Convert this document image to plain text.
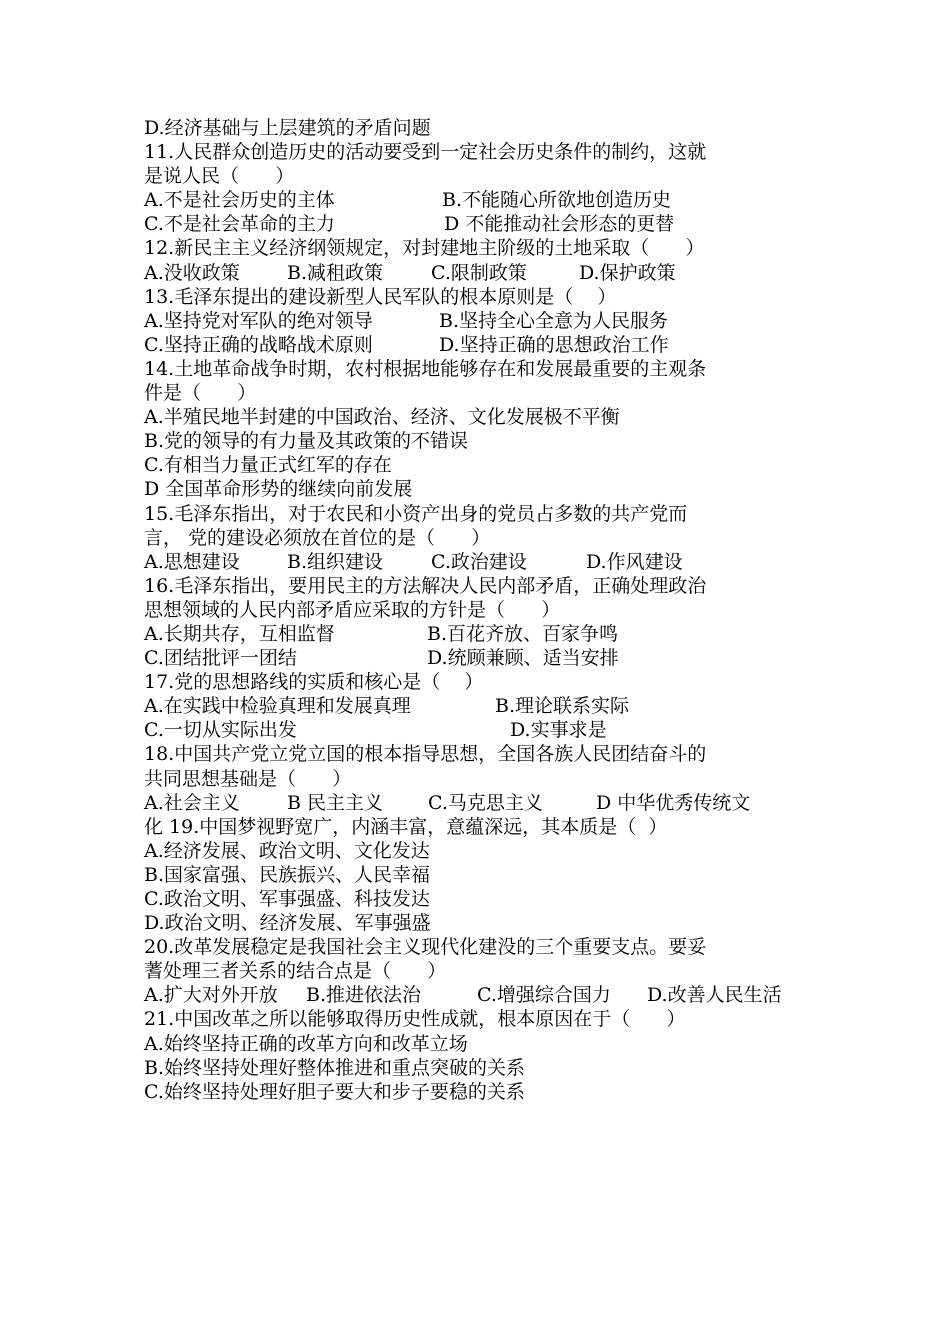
D.经济基础与上层建筑的矛盾问题
11.人民群众创造历史的活动要受到一定社会历史条件的制约，这就
是说人民（      ）
A.不是社会历史的主体	B.不能随心所欲地创造历史
C.不是社会革命的主力	D 不能推动社会形态的更替
12.新民主主义经济纲领规定，对封建地主阶级的土地采取（      ）
A.没收政策 B.减租政策	C.限制政策	D.保护政策
13.毛泽东提出的建设新型人民军队的根本原则是（    ）
A.坚持党对军队的绝对领导	B.坚持全心全意为人民服务
C.坚持正确的战略战术原则	D.坚持正确的思想政治工作
14.土地革命战争时期，农村根据地能够存在和发展最重要的主观条
件是（      ）
A.半殖民地半封建的中国政治、经济、文化发展极不平衡
B.党的领导的有力量及其政策的不错误
C.有相当力量正式红军的存在
D 全国革命形势的继续向前发展
15.毛泽东指出，对于农民和小资产出身的党员占多数的共产党而
言， 党的建设必须放在首位的是（      ）
A.思想建设 B.组织建设	C.政治建设	D.作风建设
16.毛泽东指出，要用民主的方法解决人民内部矛盾，正确处理政治
思想领域的人民内部矛盾应采取的方针是（      ）
A.长期共存，互相监督	B.百花齐放、百家争鸣
C.团结批评一团结	D.统顾兼顾、适当安排
17.党的思想路线的实质和核心是（    ）
A.在实践中检验真理和发展真理	B.理论联系实际
C.一切从实际出发	D.实事求是
18.中国共产党立党立国的根本指导思想，全国各族人民团结奋斗的
共同思想基础是（      ）
A.社会主义 B 民主主义 C.马克思主义	D 中华优秀传统文
化 19.中国梦视野宽广，内涵丰富，意蕴深远，其本质是（  ）
A.经济发展、政治文明、文化发达
B.国家富强、民族振兴、人民幸福
C.政治文明、军事强盛、科技发达
D.政治文明、经济发展、军事强盛
20.改革发展稳定是我国社会主义现代化建没的三个重要支点。要妥
蓍处理三者关系的结合点是（      ）
A.扩大对外开放 B.推进依法治	C.增强综合国力 D.改善人民生活
21.中国改革之所以能够取得历史性成就，根本原因在于（      ）
A.始终坚持正确的改革方向和改革立场
B.始终坚持处理好整体推进和重点突破的关系
C.始终坚持处理好胆子要大和步子要稳的关系
